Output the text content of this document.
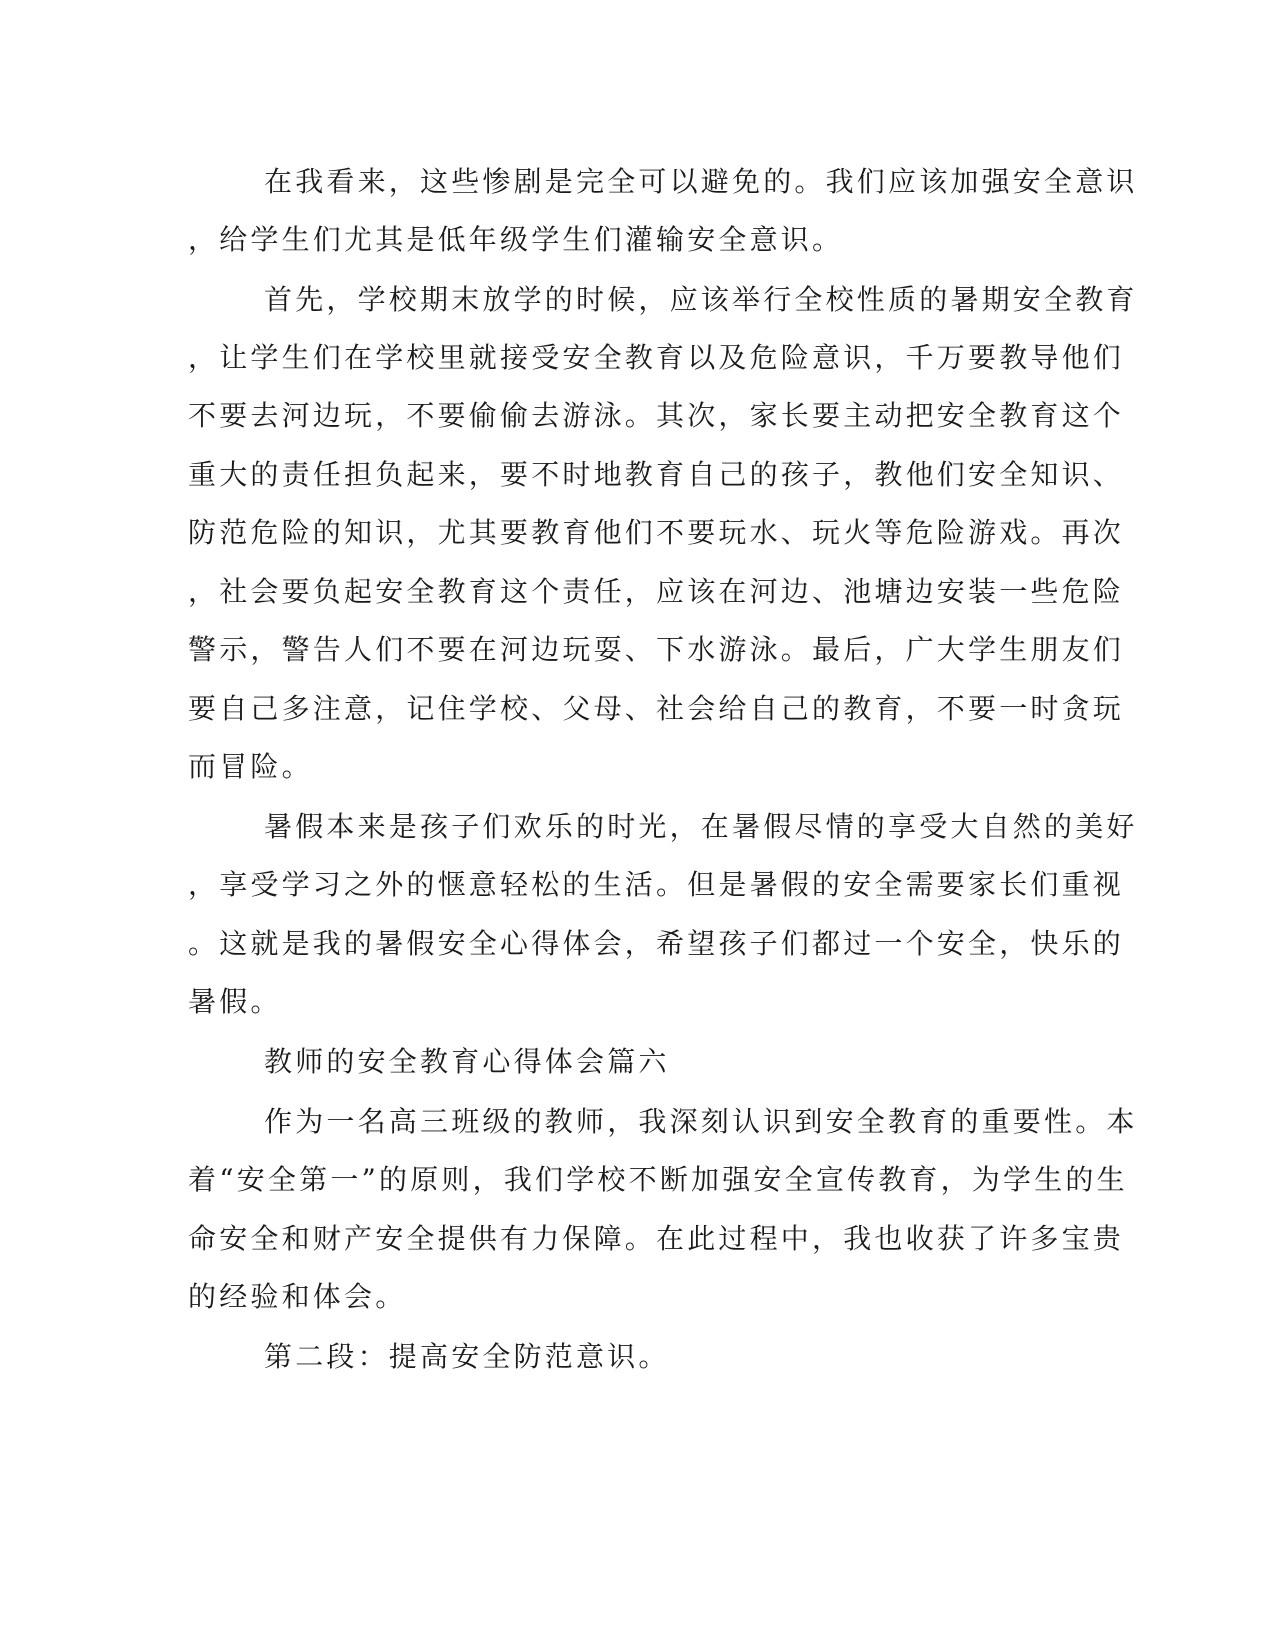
在我看来，这些惨剧是完全可以避免的。我们应该加强安全意识
，给学生们尤其是低年级学生们灌输安全意识。
首先，学校期末放学的时候，应该举行全校性质的暑期安全教育
，让学生们在学校里就接受安全教育以及危险意识，千万要教导他们
不要去河边玩，不要偷偷去游泳。其次，家长要主动把安全教育这个
重大的责任担负起来，要不时地教育自己的孩子，教他们安全知识、
防范危险的知识，尤其要教育他们不要玩水、玩火等危险游戏。再次
，社会要负起安全教育这个责任，应该在河边、池塘边安装一些危险
警示，警告人们不要在河边玩耍、下水游泳。最后，广大学生朋友们
要自己多注意，记住学校、父母、社会给自己的教育，不要一时贪玩
而冒险。
暑假本来是孩子们欢乐的时光，在暑假尽情的享受大自然的美好
，享受学习之外的惬意轻松的生活。但是暑假的安全需要家长们重视
。这就是我的暑假安全心得体会，希望孩子们都过一个安全，快乐的
暑假。
教师的安全教育心得体会篇六
作为一名高三班级的教师，我深刻认识到安全教育的重要性。本
着“安全第一”的原则，我们学校不断加强安全宣传教育，为学生的生
命安全和财产安全提供有力保障。在此过程中，我也收获了许多宝贵
的经验和体会。
第二段：提高安全防范意识。
